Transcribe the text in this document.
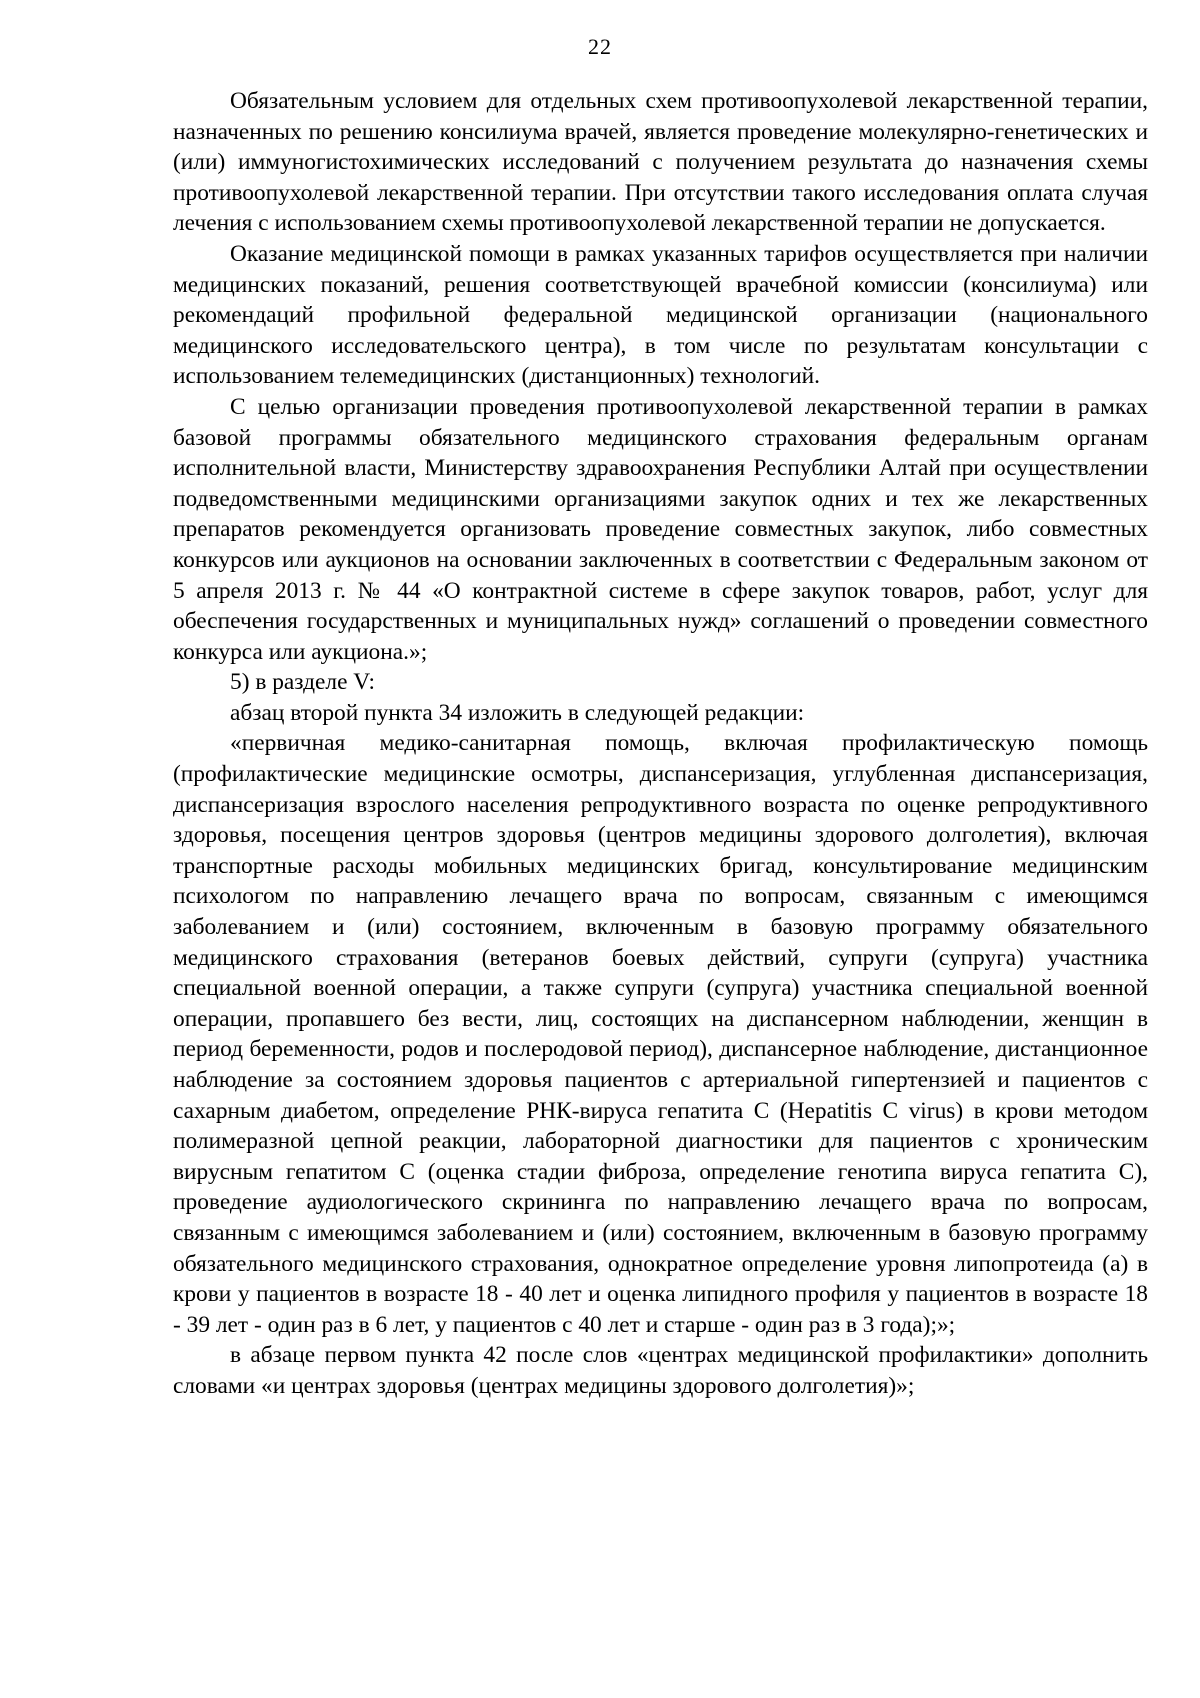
22

Обязательным условием для отдельных схем противоопухолевой лекарственной терапии, назначенных по решению консилиума врачей, является проведение молекулярно-генетических и (или) иммуногистохимических исследований с получением результата до назначения схемы противоопухолевой лекарственной терапии. При отсутствии такого исследования оплата случая лечения с использованием схемы противоопухолевой лекарственной терапии не допускается.

Оказание медицинской помощи в рамках указанных тарифов осуществляется при наличии медицинских показаний, решения соответствующей врачебной комиссии (консилиума) или рекомендаций профильной федеральной медицинской организации (национального медицинского исследовательского центра), в том числе по результатам консультации с использованием телемедицинских (дистанционных) технологий.

С целью организации проведения противоопухолевой лекарственной терапии в рамках базовой программы обязательного медицинского страхования федеральным органам исполнительной власти, Министерству здравоохранения Республики Алтай при осуществлении подведомственными медицинскими организациями закупок одних и тех же лекарственных препаратов рекомендуется организовать проведение совместных закупок, либо совместных конкурсов или аукционов на основании заключенных в соответствии с Федеральным законом от 5 апреля 2013 г. № 44 «О контрактной системе в сфере закупок товаров, работ, услуг для обеспечения государственных и муниципальных нужд» соглашений о проведении совместного конкурса или аукциона.»;

5) в разделе V:

абзац второй пункта 34 изложить в следующей редакции:

«первичная медико-санитарная помощь, включая профилактическую помощь (профилактические медицинские осмотры, диспансеризация, углубленная диспансеризация, диспансеризация взрослого населения репродуктивного возраста по оценке репродуктивного здоровья, посещения центров здоровья (центров медицины здорового долголетия), включая транспортные расходы мобильных медицинских бригад, консультирование медицинским психологом по направлению лечащего врача по вопросам, связанным с имеющимся заболеванием и (или) состоянием, включенным в базовую программу обязательного медицинского страхования (ветеранов боевых действий, супруги (супруга) участника специальной военной операции, а также супруги (супруга) участника специальной военной операции, пропавшего без вести, лиц, состоящих на диспансерном наблюдении, женщин в период беременности, родов и послеродовой период), диспансерное наблюдение, дистанционное наблюдение за состоянием здоровья пациентов с артериальной гипертензией и пациентов с сахарным диабетом, определение РНК-вируса гепатита С (Hepatitis C virus) в крови методом полимеразной цепной реакции, лабораторной диагностики для пациентов с хроническим вирусным гепатитом С (оценка стадии фиброза, определение генотипа вируса гепатита С), проведение аудиологического скрининга по направлению лечащего врача по вопросам, связанным с имеющимся заболеванием и (или) состоянием, включенным в базовую программу обязательного медицинского страхования, однократное определение уровня липопротеида (а) в крови у пациентов в возрасте 18 - 40 лет и оценка липидного профиля у пациентов в возрасте 18 - 39 лет - один раз в 6 лет, у пациентов с 40 лет и старше - один раз в 3 года);»;

в абзаце первом пункта 42 после слов «центрах медицинской профилактики» дополнить словами «и центрах здоровья (центрах медицины здорового долголетия)»;
